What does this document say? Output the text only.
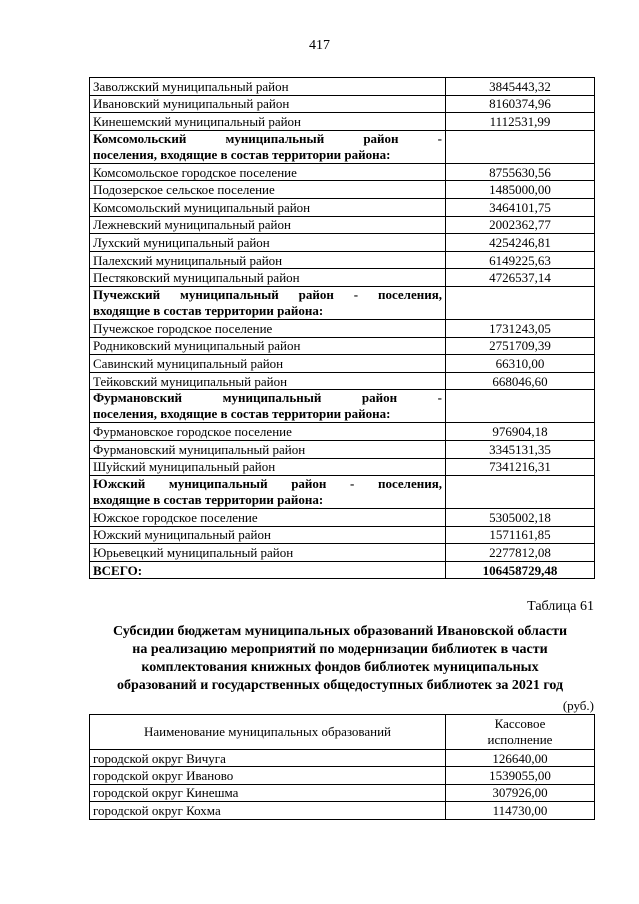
417
Заволжский муниципальный район	3845443,32
Ивановский муниципальный район	8160374,96
Кинешемский муниципальный район	1112531,99
Комсомольский муниципальный район -

поселения, входящие в состав территории района:	

Комсомольское городское поселение	8755630,56
Подозерское сельское поселение	1485000,00
Комсомольский муниципальный район	3464101,75
Лежневский муниципальный район	2002362,77
Лухский муниципальный район	4254246,81
Палехский муниципальный район	6149225,63
Пестяковский муниципальный район	4726537,14
Пучежский муниципальный район - поселения,

входящие в состав территории района:	

Пучежское городское поселение	1731243,05
Родниковский муниципальный район	2751709,39
Савинский муниципальный район	66310,00
Тейковский муниципальный район	668046,60
Фурмановский муниципальный район -

поселения, входящие в состав территории района:	

Фурмановское городское поселение	976904,18
Фурмановский муниципальный район	3345131,35
Шуйский муниципальный район	7341216,31
Южский муниципальный район - поселения,

входящие в состав территории района:	

Южское городское поселение	5305002,18
Южский муниципальный район	1571161,85
Юрьевецкий муниципальный район	2277812,08
ВСЕГО:	106458729,48
Таблица 61
Субсидии бюджетам муниципальных образований Ивановской области
на реализацию мероприятий по модернизации библиотек в части
комплектования книжных фондов библиотек муниципальных
образований и государственных общедоступных библиотек за 2021 год
(руб.)
Наименование муниципальных образований	Кассовое
исполнение

городской округ Вичуга	126640,00
городской округ Иваново	1539055,00
городской округ Кинешма	307926,00
городской округ Кохма	114730,00
